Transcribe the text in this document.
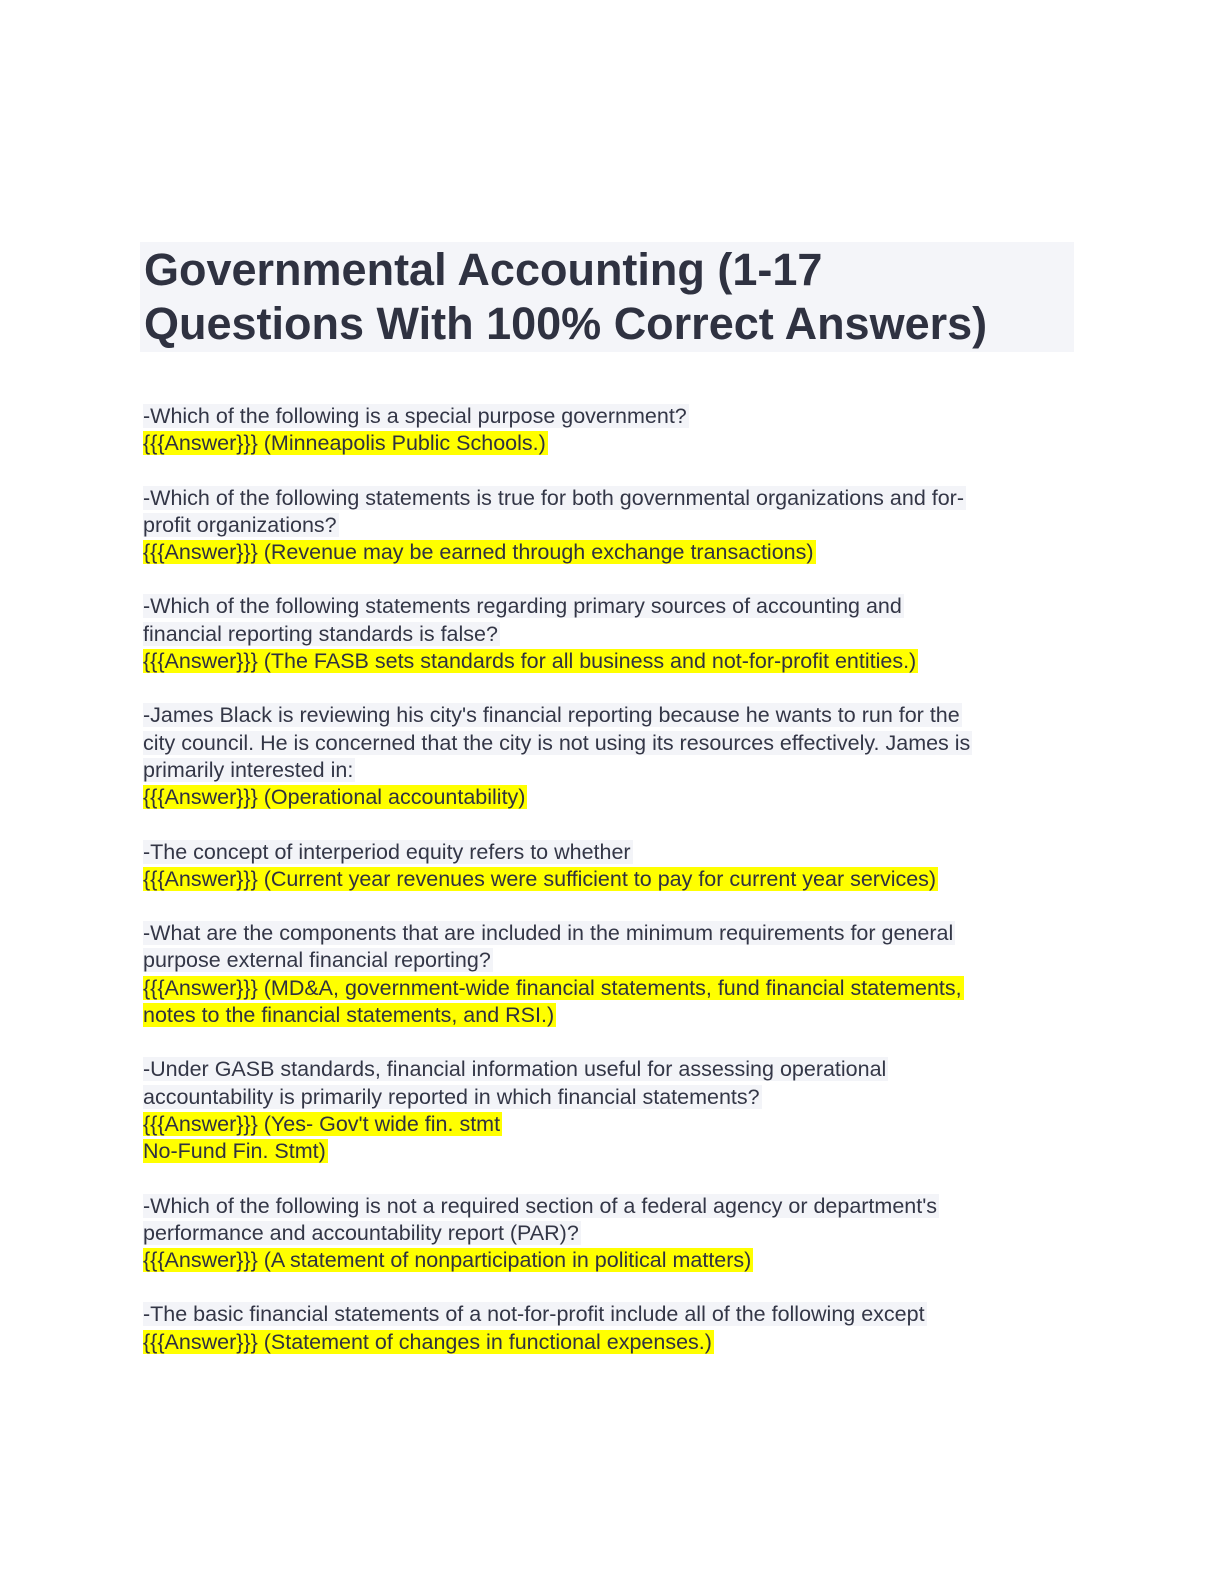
Governmental Accounting (1-17
Questions With 100% Correct Answers)
-Which of the following is a special purpose government?
{{{Answer}}} (Minneapolis Public Schools.)
-Which of the following statements is true for both governmental organizations and for-
profit organizations?
{{{Answer}}} (Revenue may be earned through exchange transactions)
-Which of the following statements regarding primary sources of accounting and
financial reporting standards is false?
{{{Answer}}} (The FASB sets standards for all business and not-for-profit entities.)
-James Black is reviewing his city's financial reporting because he wants to run for the
city council. He is concerned that the city is not using its resources effectively. James is
primarily interested in:
{{{Answer}}} (Operational accountability)
-The concept of interperiod equity refers to whether
{{{Answer}}} (Current year revenues were sufficient to pay for current year services)
-What are the components that are included in the minimum requirements for general
purpose external financial reporting?
{{{Answer}}} (MD&A, government-wide financial statements, fund financial statements,
notes to the financial statements, and RSI.)
-Under GASB standards, financial information useful for assessing operational
accountability is primarily reported in which financial statements?
{{{Answer}}} (Yes- Gov't wide fin. stmt
No-Fund Fin. Stmt)
-Which of the following is not a required section of a federal agency or department's
performance and accountability report (PAR)?
{{{Answer}}} (A statement of nonparticipation in political matters)
-The basic financial statements of a not-for-profit include all of the following except
{{{Answer}}} (Statement of changes in functional expenses.)
